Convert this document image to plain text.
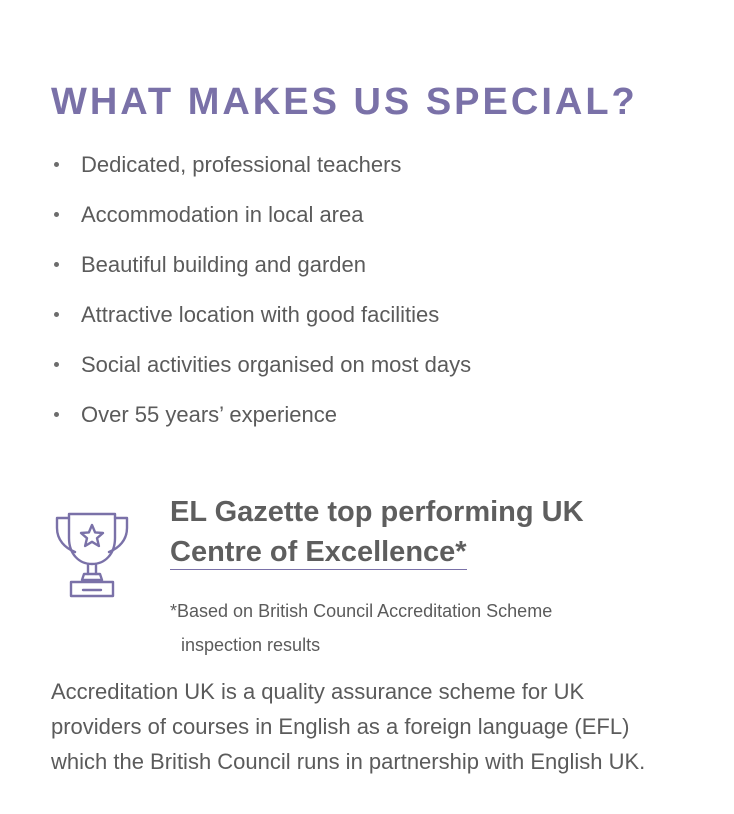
WHAT MAKES US SPECIAL?
Dedicated, professional teachers
Accommodation in local area
Beautiful building and garden
Attractive location with good facilities
Social activities organised on most days
Over 55 years’ experience
EL Gazette top performing UK
Centre of Excellence*

*Based on British Council Accreditation Scheme
inspection results

Accreditation UK is a quality assurance scheme for UK
providers of courses in English as a foreign language (EFL)
which the British Council runs in partnership with English UK.
